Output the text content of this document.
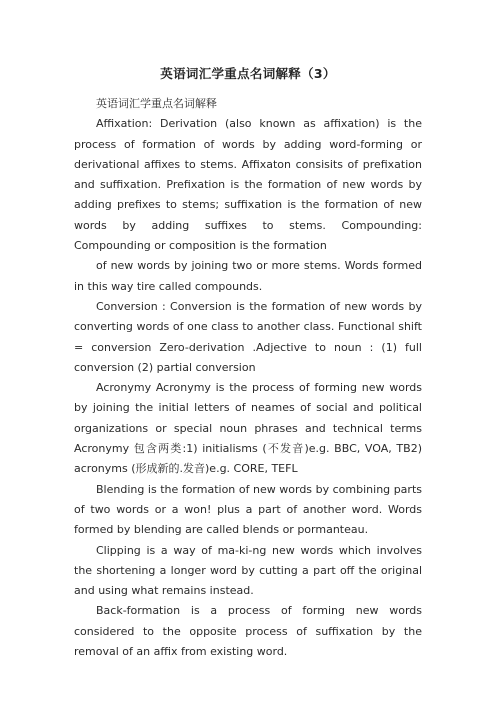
英语词汇学重点名词解释（3）

英语词汇学重点名词解释

Affixation: Derivation (also known as affixation) is the process of formation of words by adding word-forming or derivational affixes to stems. Affixaton consisits of prefixation and suffixation. Prefixation is the formation of new words by adding prefixes to stems; suffixation is the formation of new words by adding suffixes to stems. Compounding: Compounding or composition is the formation

of new words by joining two or more stems. Words formed in this way tire called compounds.

Conversion : Conversion is the formation of new words by converting words of one class to another class. Functional shift = conversion Zero-derivation .Adjective to noun : (1) full conversion (2) partial conversion

Acronymy Acronymy is the process of forming new words by joining the initial letters of neames of social and political organizations or special noun phrases and technical terms Acronymy 包含两类:1) initialisms (不发音)e.g. BBC, VOA, TB2) acronyms (形成新的.发音)e.g. CORE, TEFL

Blending is the formation of new words by combining parts of two words or a won! plus a part of another word. Words formed by blending are called blends or pormanteau.

Clipping is a way of ma-ki-ng new words which involves the shortening a longer word by cutting a part off the original and using what remains instead.

Back-formation is a process of forming new words considered to the opposite process of suffixation by the removal of an affix from existing word.
